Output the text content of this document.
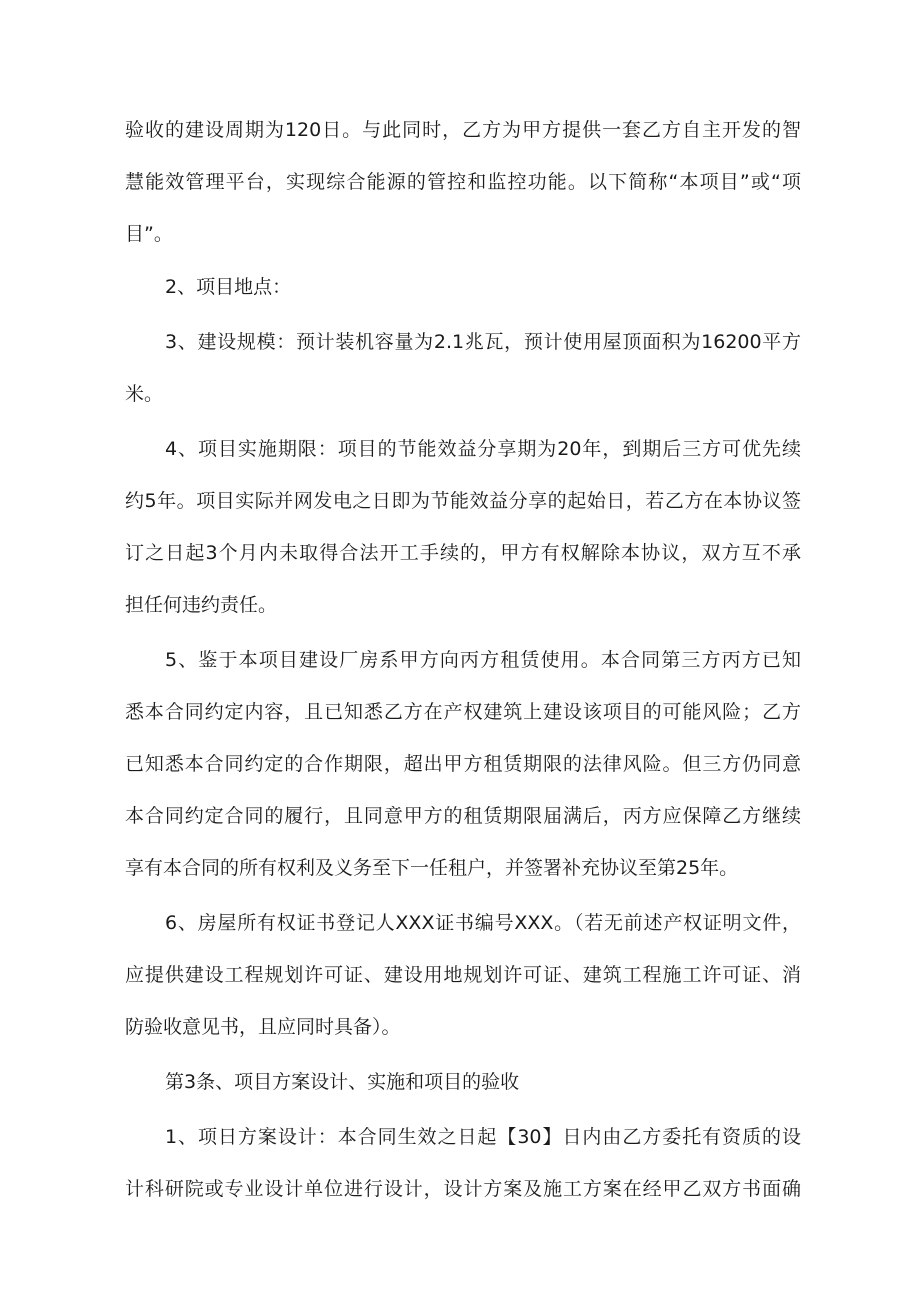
验收的建设周期为120日。与此同时，乙方为甲方提供一套乙方自主开发的智
慧能效管理平台，实现综合能源的管控和监控功能。以下简称“本项目”或“项
目”。
2、项目地点：
3、建设规模：预计装机容量为2.1兆瓦，预计使用屋顶面积为16200平方
米。
4、项目实施期限：项目的节能效益分享期为20年，到期后三方可优先续
约5年。项目实际并网发电之日即为节能效益分享的起始日，若乙方在本协议签
订之日起3个月内未取得合法开工手续的，甲方有权解除本协议，双方互不承
担任何违约责任。
5、鉴于本项目建设厂房系甲方向丙方租赁使用。本合同第三方丙方已知
悉本合同约定内容，且已知悉乙方在产权建筑上建设该项目的可能风险；乙方
已知悉本合同约定的合作期限，超出甲方租赁期限的法律风险。但三方仍同意
本合同约定合同的履行，且同意甲方的租赁期限届满后，丙方应保障乙方继续
享有本合同的所有权利及义务至下一任租户，并签署补充协议至第25年。
6、房屋所有权证书登记人XXX证书编号XXX。（若无前述产权证明文件，
应提供建设工程规划许可证、建设用地规划许可证、建筑工程施工许可证、消
防验收意见书，且应同时具备）。
第3条、项目方案设计、实施和项目的验收
1、项日方案设计：本合同生效之日起【30】日内由乙方委托有资质的设
计科研院或专业设计单位进行设计，设计方案及施工方案在经甲乙双方书面确
